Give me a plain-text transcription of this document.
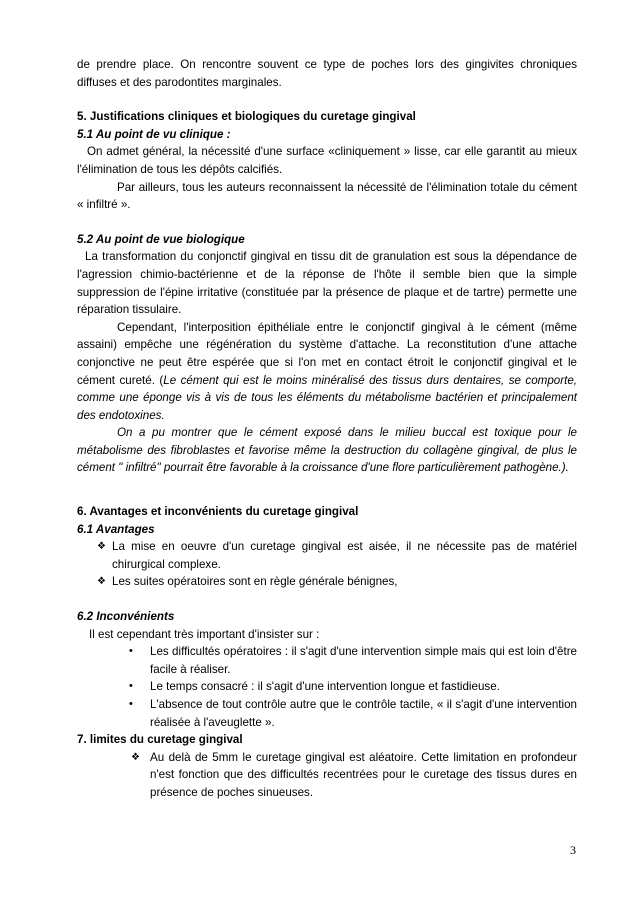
de prendre place. On rencontre souvent ce type de poches lors des gingivites chroniques diffuses et des parodontites marginales.

5. Justifications cliniques et biologiques du curetage gingival

5.1 Au point de vu clinique :

On admet général, la nécessité d'une surface «cliniquement » lisse, car elle garantit au mieux l'élimination de tous les dépôts calcifiés.

Par ailleurs, tous les auteurs reconnaissent la nécessité de l'élimination totale du cément « infiltré ».

5.2 Au point de vue biologique

La transformation du conjonctif gingival en tissu dit de granulation est sous la dépendance de l'agression chimio-bactérienne et de la réponse de l'hôte il semble bien que la simple suppression de l'épine irritative (constituée par la présence de plaque et de tartre) permette une réparation tissulaire.

Cependant, l'interposition épithéliale entre le conjonctif gingival à le cément (même assaini) empêche une régénération du système d'attache. La reconstitution d'une attache conjonctive ne peut être espérée que si l'on met en contact étroit le conjonctif gingival et le cément cureté. (Le cément qui est le moins minéralisé des tissus durs dentaires, se comporte, comme une éponge vis à vis de tous les éléments du métabolisme bactérien et principalement des endotoxines.

On a pu montrer que le cément exposé dans le milieu buccal est toxique pour le métabolisme des fibroblastes et favorise même la destruction du collagène gingival, de plus le cément " infiltré" pourrait être favorable à la croissance d'une flore particulièrement pathogène.).

6. Avantages et inconvénients du curetage gingival

6.1 Avantages

❖ La mise en oeuvre d'un curetage gingival est aisée, il ne nécessite pas de matériel chirurgical complexe.
❖ Les suites opératoires sont en règle générale bénignes,

6.2 Inconvénients

Il est cependant très important d'insister sur :

• Les difficultés opératoires : il s'agit d'une intervention simple mais qui est loin d'être facile à réaliser.
• Le temps consacré : il s'agit d'une intervention longue et fastidieuse.
• L'absence de tout contrôle autre que le contrôle tactile, « il s'agit d'une intervention réalisée à l'aveuglette ».

7. limites du curetage gingival

❖ Au delà de 5mm le curetage gingival est aléatoire. Cette limitation en profondeur n'est fonction que des difficultés recentrées pour le curetage des tissus dures en présence de poches sinueuses.
3
